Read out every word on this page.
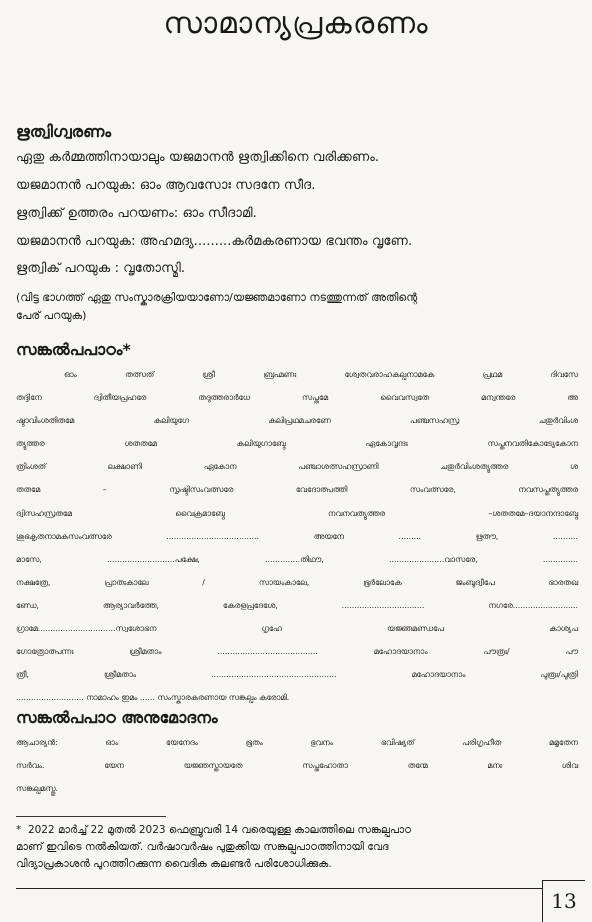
സാമാന്യപ്രകരണം
ഋത്വിഗ്വരണം
ഏതു കർമ്മത്തിനായാലും യജമാനൻ ഋത്വിക്കിനെ വരിക്കണം.
യജമാനൻ പറയുക: ഓം ആവസോഃ സദനേ സീദ.
ഋത്വിക്ക് ഉത്തരം പറയണം: ഓം സീദാമി.
യജമാനൻ പറയുക: അഹമദ്യ.........കർമകരണായ ഭവന്തം വൃണേ.
ഋത്വിക് പറയുക : വൃതോസ്മി.
(വിട്ട ഭാഗത്ത് ഏതു സംസ്കാരക്രിയയാണോ/യജ്ഞമാണോ നടത്തുന്നത് അതിന്റെ
പേര് പറയുക)
സങ്കൽപപാഠം*
ഓം തത്സത് ശ്രീ ബ്രഹ്മണഃ ശ്വേതവരാഹകല്പനാമകേ പ്രഥമ ദിവസേ
തദ്ദിനേ ദ്വിതീയപ്രഹരേ തദുത്തരാർധേ സപ്തമേ വൈവസ്വതേ മന്വന്തരേ അ
ഷ്ടാവിംശതിതമേ കലിയുഗേ കലിപ്രഥമചരണേ പഞ്ചസഹസ്ര ചതുർവിംശ
ത്യുത്തര ശതതമേ കലിയുഗാബ്ദേ ഏകോവൃന്ദഃ സപ്തനവതികോട്യേകോന
ത്രിംശത് ലക്ഷാണി ഏകോന പഞ്ചാശത്സഹസ്രാണി ചതുർവിംശത്യുത്തര ശ
തതമേ – സൃഷ്ടിസംവത്സരേ വേദോത്പത്തി സംവത്സരേ, നവസപ്തത്യുത്തര
ദ്വിസഹസ്രതമേ വൈക്രമാബ്ദേ നവനവത്യുത്തര –ശതതമേ–ദയാനന്ദാബ്ദേ
ശുഭകൃതനാമകസംവത്സരേ ..................................... അയനേ ......... ഋതൗ, ..........
മാസേ, ...........................പക്ഷേ, ..............തിഥൗ, ......................വാസരേ, ..............
നക്ഷത്രേ, പ്രാതഃകാലേ / സായംകാലേ, ഭൂർലോകേ ജംബുദ്വീപേ ഭാരതഖ
ണ്ഡേ, ആര്യാവർത്തേ, കേരളപ്രദേശേ, ................................. നഗരേ..........................
ഗ്രാമേ...............................സ്വശോഭന ഗൃഹേ യജ്ഞമണ്ഡപേ കാശ്യപ
ഗോത്രോത്പന്നഃ ശ്രീമതാം ........................................ മഹോദയാനാം പൗത്രഃ/ പൗ
ത്രീ, ശ്രീമതാം .................................................. മഹോദയാനാം പുത്രഃ/പുത്രി
........................... നാമാഹം ഇമം ...... സംസ്കാരകരണായ സങ്കല്പം കരോമി.
സങ്കൽപപാഠ അനുമോദനം
ആചാര്യൻ: ഓം യേനേദം ഭൂതം ഭുവനം ഭവിഷ്യത് പരിഗൃഹീത മമൃതേന
സർവം. യേന യജ്ഞസ്തായതേ സപ്തഹോതാ തന്മേ മനഃ ശിവ
സങ്കല്പമസ്തു.
* 2022 മാർച്ച് 22 മുതൽ 2023 ഫെബ്രുവരി 14 വരെയുള്ള കാലത്തിലെ സങ്കല്പപാഠ
മാണ് ഇവിടെ നൽകിയത്. വർഷാവർഷം പുതുക്കിയ സങ്കല്പപാഠത്തിനായി വേദ
വിദ്യാപ്രകാശൻ പുറത്തിറക്കുന്ന വൈദിക കലണ്ടർ പരിശോധിക്കുക.
13
